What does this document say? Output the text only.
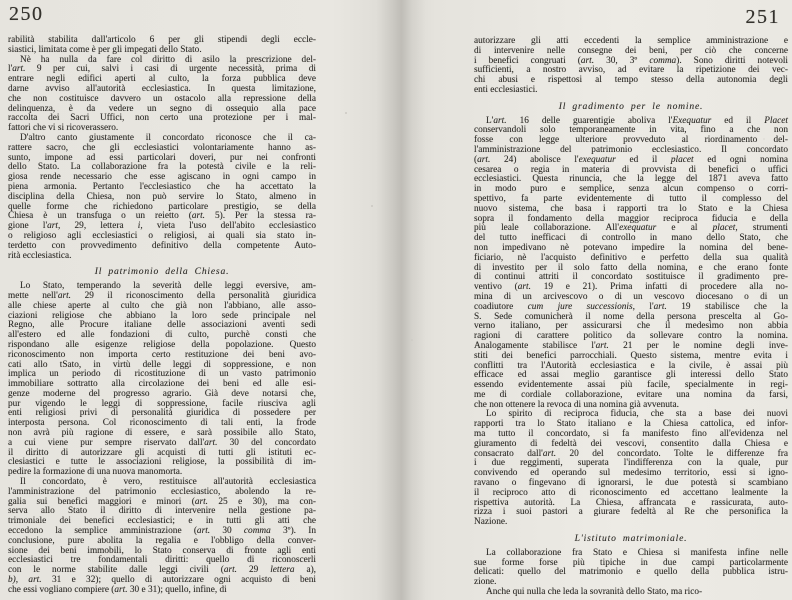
250	251
rabilità stabilita dall'articolo 6 per gli stipendi degli eccle-
siastici, limitata come è per gli impegati dello Stato.
Nè ha nulla da fare col diritto di asilo la prescrizione del-
l'art. 9 per cui, salvi i casi di urgente necessità, prima di
entrare negli edifici aperti al culto, la forza pubblica deve
darne avviso all'autorità ecclesiastica. In questa limitazione,
che non costituisce davvero un ostacolo alla repressione della
delinquenza, è da vedere un segno di ossequio alla pace
raccolta dei Sacri Uffici, non certo una protezione per i mal-
fattori che vi si ricoverassero.
D'altro canto giustamente il concordato riconosce che il ca-
rattere sacro, che gli ecclesiastici volontariamente hanno as-
sunto, impone ad essi particolari doveri, pur nei confronti
dello Stato. La collaborazione fra la potestà civile e la reli-
giosa rende necessario che esse agiscano in ogni campo in
piena armonia. Pertanto l'ecclesiastico che ha accettato la
disciplina della Chiesa, non può servire lo Stato, almeno in
quelle forme che richiedono particolare prestigio, se della
Chiesa è un transfuga o un reietto (art. 5). Per la stessa ra-
gione l'art, 29, lettera i, vieta l'uso dell'abito ecclesiastico
o religioso agli ecclesiastici o religiosi, ai quali sia stato in-
terdetto con provvedimento definitivo della competente Auto-
rità ecclesiastica.
Il patrimonio della Chiesa.
Lo Stato, temperando la severità delle leggi eversive, am-
mette nell'art. 29 il riconoscimento della personalità giuridica
alle chiese aperte al culto che già non l'abbiano, alle asso-
ciazioni religiose che abbiano la loro sede principale nel
Regno, alle Procure italiane delle associazioni aventi sedi
all'estero ed alle fondazioni di culto, purchè consti che
rispondano alle esigenze religiose della popolazione. Questo
riconoscimento non importa certo restituzione dei beni avo-
cati allo tSato, in virtù delle leggi di soppressione, e non
implica un periodo di ricostituzione di un vasto patrimonio
immobiliare sottratto alla circolazione dei beni ed alle esi-
genze moderne del progresso agrario. Già deve notarsi che,
pur vigendo le leggi di soppressione, facile riusciva agli
enti religiosi privi di personalità giuridica di possedere per
interposta persona. Col riconoscimento di tali enti, la frode
non avrà più ragione di essere, e sarà possibile allo Stato,
a cui viene pur sempre riservato dall'art. 30 del concordato
il diritto di autorizzare gli acquisti di tutti gli istituti ec-
clesiastici e tutte le associazioni religiose, la possibilità di im-
pedire la formazione di una nuova manomorta.
Il concordato, è vero, restituisce all'autorità ecclesiastica
l'amministrazione del patrimonio ecclesiastico, abolendo la re-
galia sui benefici maggiori e minori (art. 25 e 30), ma con-
serva allo Stato il diritto di intervenire nella gestione pa-
trimoniale dei benefici ecclesiastici; e in tutti gli atti che
eccedono la semplice amministrazione (art. 30 comma 3º). In
conclusione, pure abolita la regalia e l'obbligo della conver-
sione dei beni immobili, lo Stato conserva di fronte agli enti
ecclesiastici tre fondamentali diritti: quello di riconoscerli
con le norme stabilite dalle leggi civili (art. 29 lettera a),
b), art. 31 e 32); quello di autorizzare ogni acquisto di beni
che essi vogliano compiere (art. 30 e 31); quello, infine, di
autorizzare gli atti eccedenti la semplice amministrazione e
di intervenire nelle consegne dei beni, per ciò che concerne
i benefici congruati (art. 30, 3º comma). Sono diritti notevoli
sufficienti, a nostro avviso, ad evitare la ripetizione dei vec-
chi abusi e rispettosi al tempo stesso della autonomia degli
enti ecclesiastici.
Il gradimento per le nomine.
L'art. 16 delle guarentigie aboliva l'Exequatur ed il Placet
conservandoli solo temporaneamente in vita, fino a che non
fosse con legge ulteriore provveduto al riordinamento del-
l'amministrazione del patrimonio ecclesiastico. Il concordato
(art. 24) abolisce l'exequatur ed il placet ed ogni nomina
cesarea o regia in materia di provvista di benefici o uffici
ecclesiastici. Questa rinuncia, che la legge del 1871 aveva fatto
in modo puro e semplice, senza alcun compenso o corri-
spettivo, fa parte evidentemente di tutto il complesso del
nuovo sistema, che basa i rapporti tra lo Stato e la Chiesa
sopra il fondamento della maggior reciproca fiducia e della
più leale collaborazione. All'exequatur e al placet, strumenti
del tutto inefficaci di controllo in mano dello Stato, che
non impedivano nè potevano impedire la nomina del bene-
ficiario, nè l'acquisto definitivo e perfetto della sua qualità
di investito per il solo fatto della nomina, e che erano fonte
di continui attriti il concordato sostituisce il gradimento pre-
ventivo (art. 19 e 21). Prima infatti di procedere alla no-
mina di un arcivescovo o di un vescovo diocesano o di un
coadiutore cum jure successionis, l'art. 19 stabilisce che la
S. Sede comunicherà il nome della persona prescelta al Go-
verno italiano, per assicurarsi che il medesimo non abbia
ragioni di carattere politico da sollevare contro la nomina.
Analogamente stabilisce l'art. 21 per le nomine degli inve-
stiti dei benefici parrocchiali. Questo sistema, mentre evita i
conflitti tra l'Autorità ecclesiastica e la civile, è assai più
efficace ed assai meglio garantisce gli interessi dello Stato
essendo evidentemente assai più facile, specialmente in regi-
me di cordiale collaborazione, evitare una nomina da farsi,
che non ottenere la revoca di una nomina già avvenuta.
Lo spirito di reciproca fiducia, che sta a base dei nuovi
rapporti tra lo Stato italiano e la Chiesa cattolica, ed infor-
ma tutto il concordato, si fa manifesto fino all'evidenza nel
giuramento di fedeltà dei vescovi, consentito dalla Chiesa e
consacrato dall'art. 20 del concordato. Tolte le differenze fra
i due reggimenti, superata l'indifferenza con la quale, pur
convivendo ed operando sul medesimo territorio, essi si igno-
ravano o fingevano di ignorarsi, le due potestà si scambiano
il reciproco atto di riconoscimento ed accettano lealmente la
rispettiva autorità. La Chiesa, affrancata e rassicurata, auto-
rizza i suoi pastori a giurare fedeltà al Re che personifica la
Nazione.
L'istituto matrimoniale.
La collaborazione fra Stato e Chiesa si manifesta infine nelle
sue forme forse più tipiche in due campi particolarmente
delicati: quello del matrimonio e quello della pubblica istru-
zione.
Anche qui nulla che leda la sovranità dello Stato, ma rico-
